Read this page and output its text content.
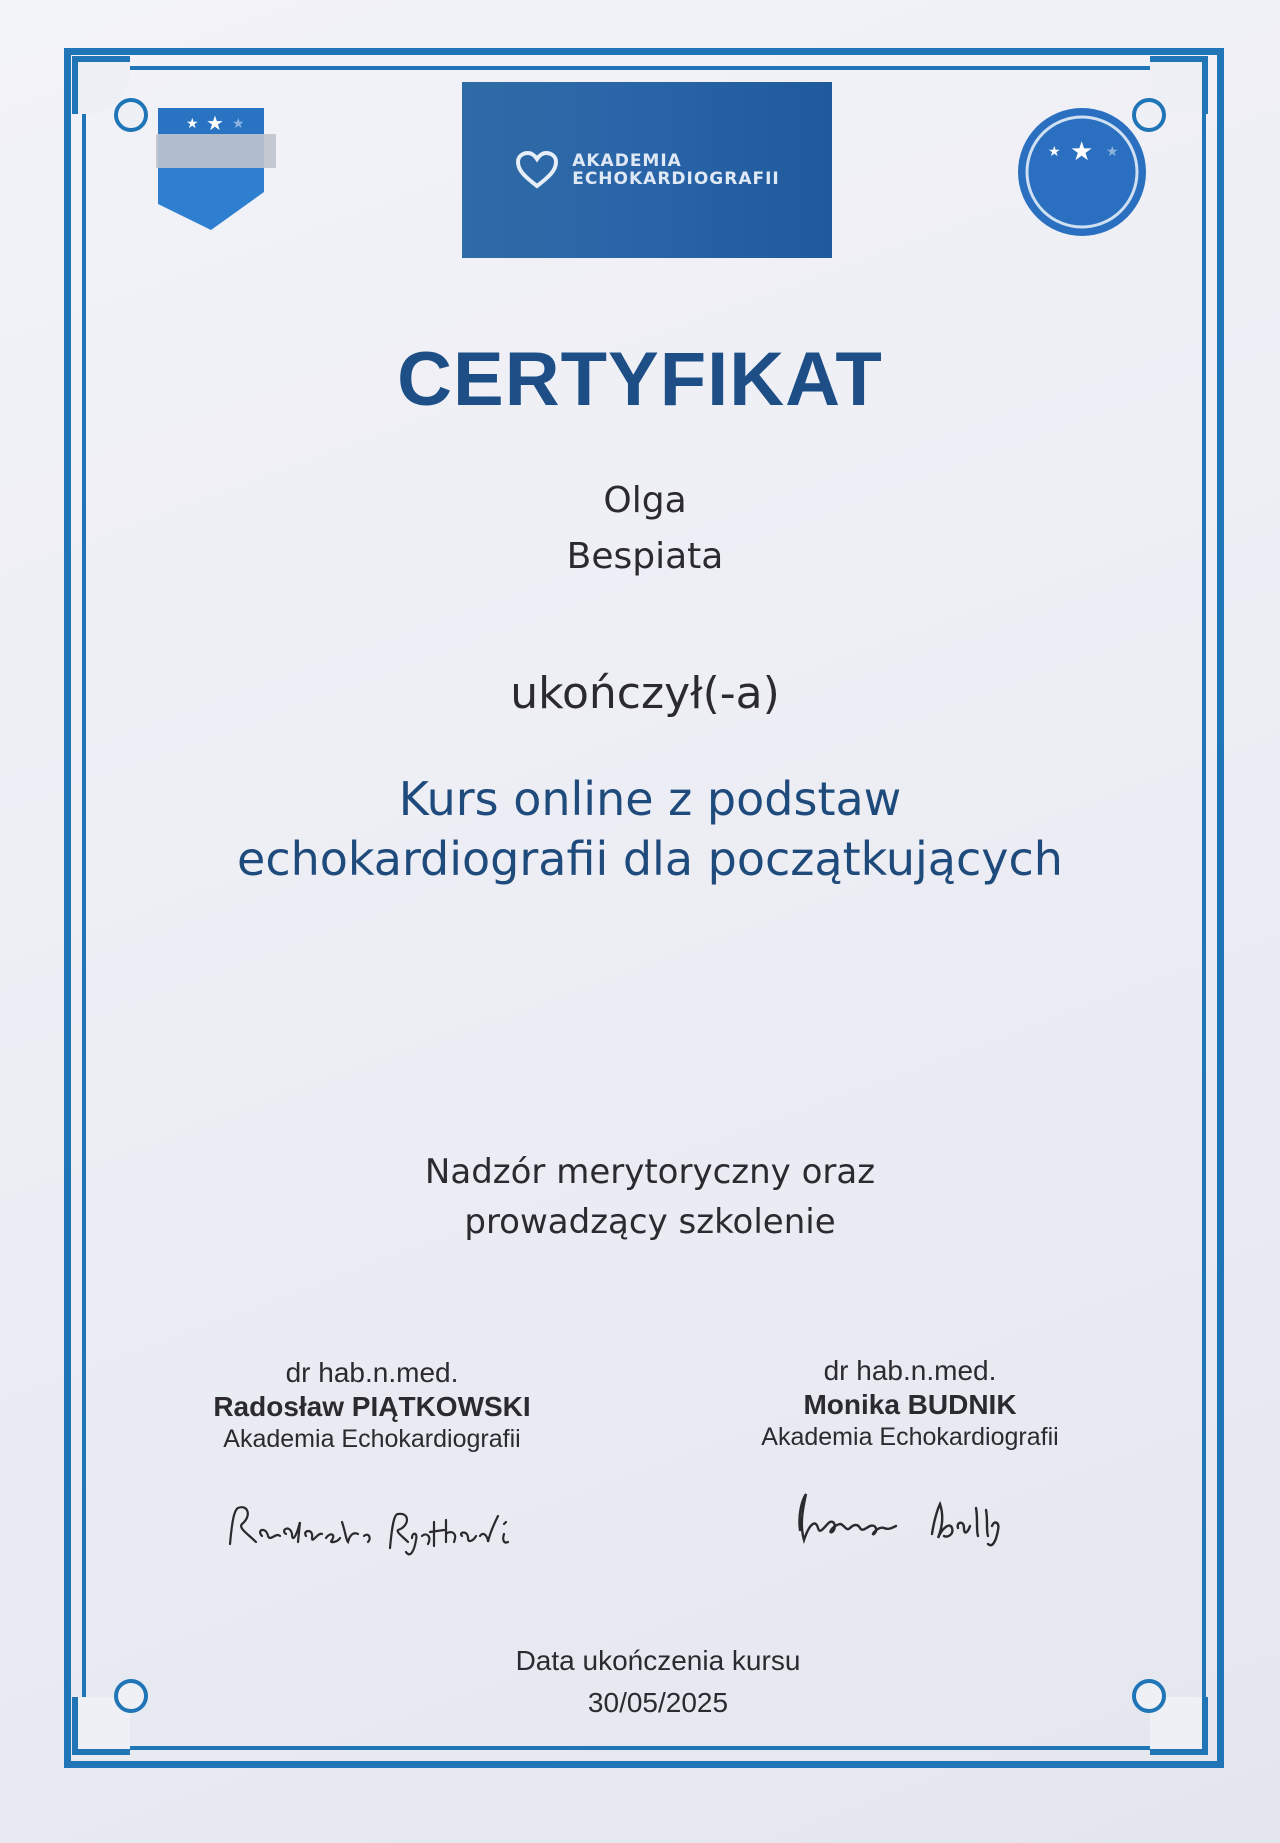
★ ★ ★
AKADEMIA
ECHOKARDIOGRAFII
★ ★ ★
CERTYFIKAT
Olga
Bespiata
ukończył(-a)
Kurs online z podstaw
echokardiografii dla początkujących
Nadzór merytoryczny oraz
prowadzący szkolenie
dr hab.n.med.
Radosław PIĄTKOWSKI
Akademia Echokardiografii
dr hab.n.med.
Monika BUDNIK
Akademia Echokardiografii
Data ukończenia kursu
30/05/2025
